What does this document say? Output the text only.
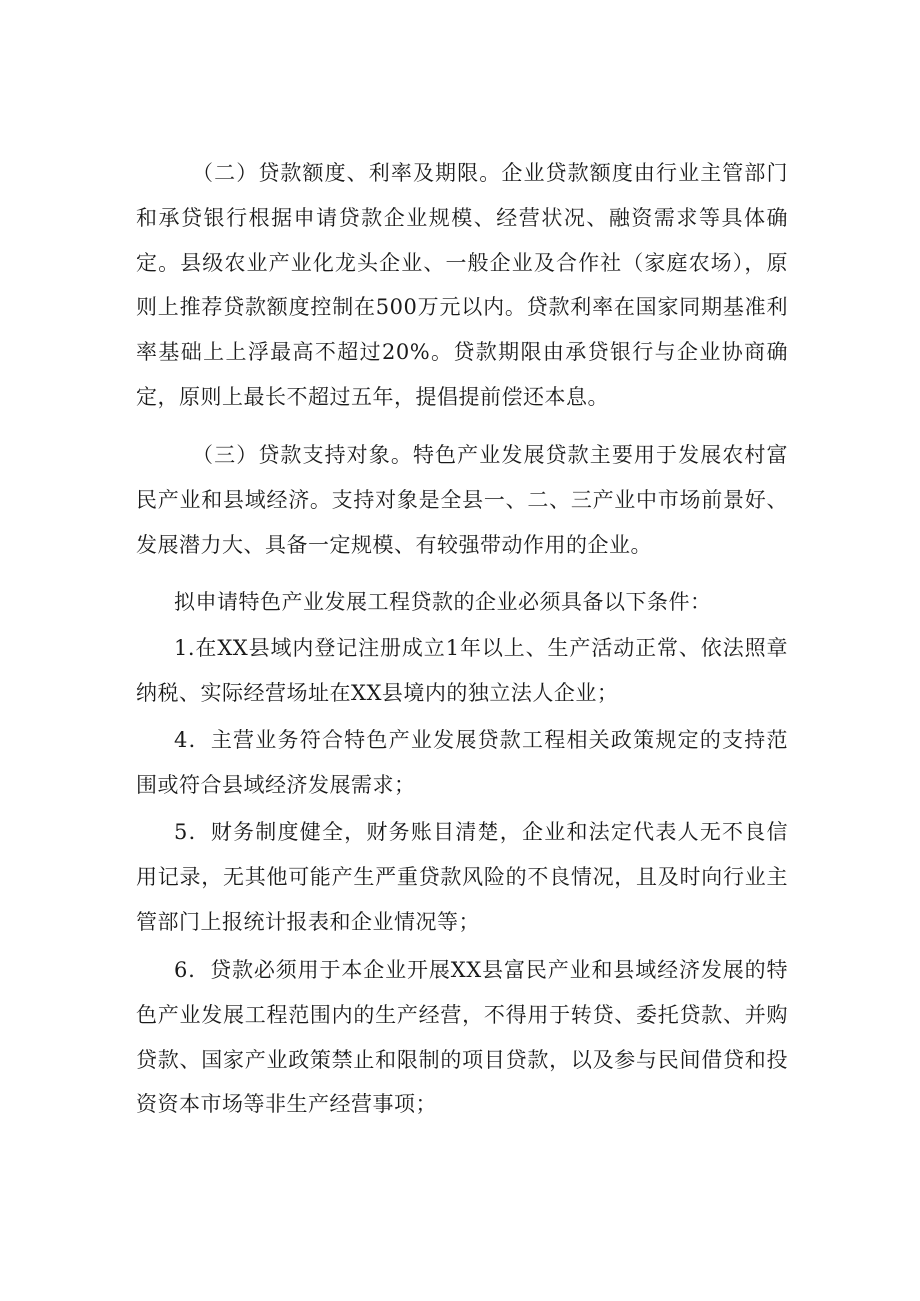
（二）贷款额度、利率及期限。企业贷款额度由行业主管部门和承贷银行根据申请贷款企业规模、经营状况、融资需求等具体确定。县级农业产业化龙头企业、一般企业及合作社（家庭农场），原则上推荐贷款额度控制在500万元以内。贷款利率在国家同期基准利率基础上上浮最高不超过20%。贷款期限由承贷银行与企业协商确定，原则上最长不超过五年，提倡提前偿还本息。

（三）贷款支持对象。特色产业发展贷款主要用于发展农村富民产业和县域经济。支持对象是全县一、二、三产业中市场前景好、发展潜力大、具备一定规模、有较强带动作用的企业。

拟申请特色产业发展工程贷款的企业必须具备以下条件：

1.在XX县域内登记注册成立1年以上、生产活动正常、依法照章纳税、实际经营场址在XX县境内的独立法人企业；

4．主营业务符合特色产业发展贷款工程相关政策规定的支持范围或符合县域经济发展需求；

5．财务制度健全，财务账目清楚，企业和法定代表人无不良信用记录，无其他可能产生严重贷款风险的不良情况，且及时向行业主管部门上报统计报表和企业情况等；

6．贷款必须用于本企业开展XX县富民产业和县域经济发展的特色产业发展工程范围内的生产经营，不得用于转贷、委托贷款、并购贷款、国家产业政策禁止和限制的项目贷款，以及参与民间借贷和投资资本市场等非生产经营事项；
